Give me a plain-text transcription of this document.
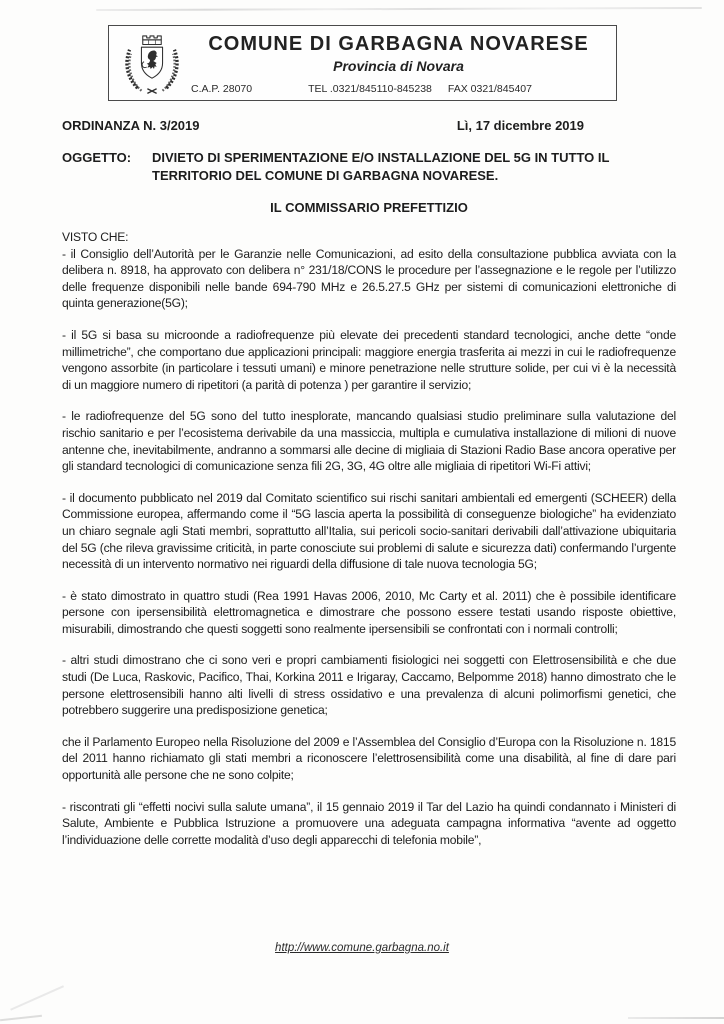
COMUNE DI GARBAGNA NOVARESE
Provincia di Novara
C.A.P. 28070	TEL .0321/845110-845238 FAX 0321/845407
ORDINANZA N. 3/2019	Lì, 17 dicembre 2019
OGGETTO:	DIVIETO DI SPERIMENTAZIONE E/O INSTALLAZIONE DEL 5G IN TUTTO IL TERRITORIO DEL COMUNE DI GARBAGNA NOVARESE.
IL COMMISSARIO PREFETTIZIO

VISTO CHE:

- il Consiglio dell’Autorità per le Garanzie nelle Comunicazioni, ad esito della consultazione pubblica avviata con la delibera n. 8918, ha approvato con delibera n° 231/18/CONS le procedure per l’assegnazione e le regole per l’utilizzo delle frequenze disponibili nelle bande 694-790 MHz e 26.5.27.5 GHz per sistemi di comunicazioni elettroniche di quinta generazione(5G);

- il 5G si basa su microonde a radiofrequenze più elevate dei precedenti standard tecnologici, anche dette “onde millimetriche”, che comportano due applicazioni principali: maggiore energia trasferita ai mezzi in cui le radiofrequenze vengono assorbite (in particolare i tessuti umani) e minore penetrazione nelle strutture solide, per cui vi è la necessità di un maggiore numero di ripetitori (a parità di potenza ) per garantire il servizio;

- le radiofrequenze del 5G sono del tutto inesplorate, mancando qualsiasi studio preliminare sulla valutazione del rischio sanitario e per l’ecosistema derivabile da una massiccia, multipla e cumulativa installazione di milioni di nuove antenne che, inevitabilmente, andranno a sommarsi alle decine di migliaia di Stazioni Radio Base ancora operative per gli standard tecnologici di comunicazione senza fili 2G, 3G, 4G oltre alle migliaia di ripetitori Wi-Fi attivi;

- il documento pubblicato nel 2019 dal Comitato scientifico sui rischi sanitari ambientali ed emergenti (SCHEER) della Commissione europea, affermando come il “5G lascia aperta la possibilità di conseguenze biologiche” ha evidenziato un chiaro segnale agli Stati membri, soprattutto all’Italia, sui pericoli socio-sanitari derivabili dall’attivazione ubiquitaria del 5G (che rileva gravissime criticità, in parte conosciute sui problemi di salute e sicurezza dati) confermando l’urgente necessità di un intervento normativo nei riguardi della diffusione di tale nuova tecnologia 5G;

- è stato dimostrato in quattro studi (Rea 1991 Havas 2006, 2010, Mc Carty et al. 2011) che è possibile identificare persone con ipersensibilità elettromagnetica e dimostrare che possono essere testati usando risposte obiettive, misurabili, dimostrando che questi soggetti sono realmente ipersensibili se confrontati con i normali controlli;

- altri studi dimostrano che ci sono veri e propri cambiamenti fisiologici nei soggetti con Elettrosensibilità e che due studi (De Luca, Raskovic, Pacifico, Thai, Korkina 2011 e Irigaray, Caccamo, Belpomme 2018) hanno dimostrato che le persone elettrosensibili hanno alti livelli di stress ossidativo e una prevalenza di alcuni polimorfismi genetici, che potrebbero suggerire una predisposizione genetica;

che il Parlamento Europeo nella Risoluzione del 2009 e l’Assemblea del Consiglio d’Europa con la Risoluzione n. 1815 del 2011 hanno richiamato gli stati membri a riconoscere l’elettrosensibilità come una disabilità, al fine di dare pari opportunità alle persone che ne sono colpite;

- riscontrati gli “effetti nocivi sulla salute umana”, il 15 gennaio 2019 il Tar del Lazio ha quindi condannato i Ministeri di Salute, Ambiente e Pubblica Istruzione a promuovere una adeguata campagna informativa “avente ad oggetto l’individuazione delle corrette modalità d’uso degli apparecchi di telefonia mobile”,

http://www.comune.garbagna.no.it
